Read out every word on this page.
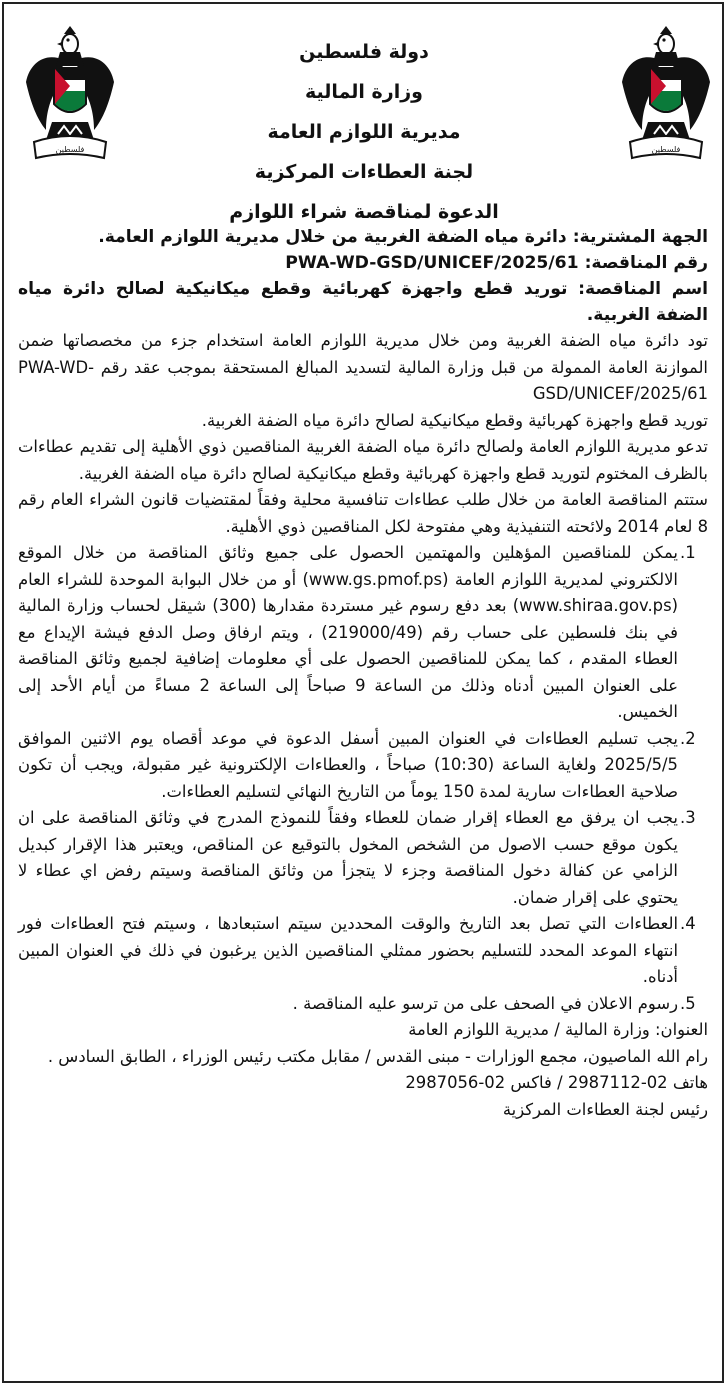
فلسطين
فلسطين
دولة فلسطين
وزارة المالية
مديرية اللوازم العامة
لجنة العطاءات المركزية
الدعوة لمناقصة شراء اللوازم

الجهة المشترية: دائرة مياه الضفة الغربية من خلال مديرية اللوازم العامة.

رقم المناقصة: PWA-WD-GSD/UNICEF/2025/61

اسم المناقصة: توريد قطع واجهزة كهربائية وقطع ميكانيكية لصالح دائرة مياه الضفة الغربية.

تود دائرة مياه الضفة الغربية ومن خلال مديرية اللوازم العامة استخدام جزء من مخصصاتها ضمن الموازنة العامة الممولة من قبل وزارة المالية لتسديد المبالغ المستحقة بموجب عقد رقم PWA-WD-GSD/UNICEF/2025/61

توريد قطع واجهزة كهربائية وقطع ميكانيكية لصالح دائرة مياه الضفة الغربية.

تدعو مديرية اللوازم العامة ولصالح دائرة مياه الضفة الغربية المناقصين ذوي الأهلية إلى تقديم عطاءات بالظرف المختوم لتوريد قطع واجهزة كهربائية وقطع ميكانيكية لصالح دائرة مياه الضفة الغربية.

ستتم المناقصة العامة من خلال طلب عطاءات تنافسية محلية وفقاً لمقتضيات قانون الشراء العام رقم 8 لعام 2014 ولائحته التنفيذية وهي مفتوحة لكل المناقصين ذوي الأهلية.

1.
يمكن للمناقصين المؤهلين والمهتمين الحصول على جميع وثائق المناقصة من خلال الموقع الالكتروني لمديرية اللوازم العامة (www.gs.pmof.ps) أو من خلال البوابة الموحدة للشراء العام (www.shiraa.gov.ps) بعد دفع رسوم غير مستردة مقدارها (300) شيقل لحساب وزارة المالية في بنك فلسطين على حساب رقم (219000/49) ، ويتم ارفاق وصل الدفع فيشة الإيداع مع العطاء المقدم ، كما يمكن للمناقصين الحصول على أي معلومات إضافية لجميع وثائق المناقصة على العنوان المبين أدناه وذلك من الساعة 9 صباحاً إلى الساعة 2 مساءً من أيام الأحد إلى الخميس.
2.
يجب تسليم العطاءات في العنوان المبين أسفل الدعوة في موعد أقصاه يوم الاثنين الموافق 2025/5/5 ولغاية الساعة (10:30) صباحاً ، والعطاءات الإلكترونية غير مقبولة، ويجب أن تكون صلاحية العطاءات سارية لمدة 150 يوماً من التاريخ النهائي لتسليم العطاءات.
3.
يجب ان يرفق مع العطاء إقرار ضمان للعطاء وفقاً للنموذج المدرج في وثائق المناقصة على ان يكون موقع حسب الاصول من الشخص المخول بالتوقيع عن المناقص، ويعتبر هذا الإقرار كبديل الزامي عن كفالة دخول المناقصة وجزء لا يتجزأ من وثائق المناقصة وسيتم رفض اي عطاء لا يحتوي على إقرار ضمان.
4.
العطاءات التي تصل بعد التاريخ والوقت المحددين سيتم استبعادها ، وسيتم فتح العطاءات فور انتهاء الموعد المحدد للتسليم بحضور ممثلي المناقصين الذين يرغبون في ذلك في العنوان المبين أدناه.
5.
رسوم الاعلان في الصحف على من ترسو عليه المناقصة .

العنوان: وزارة المالية / مديرية اللوازم العامة

رام الله الماصيون، مجمع الوزارات - مبنى القدس / مقابل مكتب رئيس الوزراء ، الطابق السادس .

هاتف 02-2987112 / فاكس 02-2987056

رئيس لجنة العطاءات المركزية
